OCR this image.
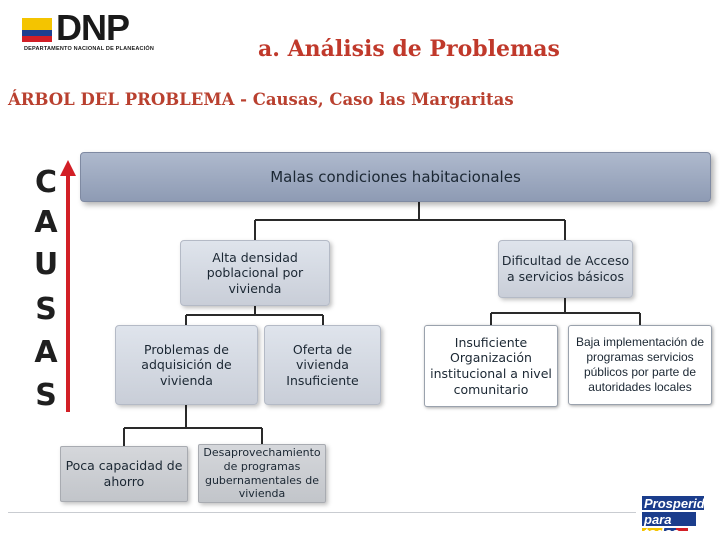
DNP
DEPARTAMENTO NACIONAL DE PLANEACIÓN	a. Análisis de Problemas
ÁRBOL DEL PROBLEMA - Causas, Caso las Margaritas
C
A
U
S
A
S
Malas condiciones habitacionales
Alta densidad poblacional por vivienda
Dificultad de Acceso a servicios básicos
Problemas de adquisición de vivienda
Oferta de vivienda Insuficiente
Insuficiente Organización institucional a nivel comunitario
Baja implementación de programas servicios públicos por parte de autoridades locales
Poca capacidad de ahorro
Desaprovechamiento de programas gubernamentales de vivienda
Prosperidad
para todos
